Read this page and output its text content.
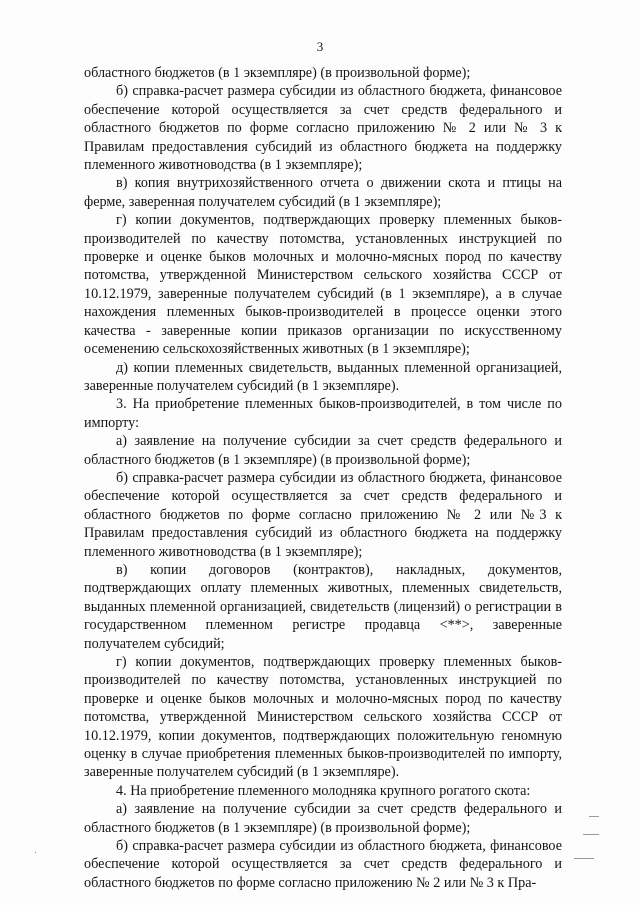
3

областного бюджетов (в 1 экземпляре) (в произвольной форме);

б) справка-расчет размера субсидии из областного бюджета, финансовое обеспечение которой осуществляется за счет средств федерального и областного бюджетов по форме согласно приложению № 2 или № 3 к Правилам предоставления субсидий из областного бюджета на поддержку племенного животноводства (в 1 экземпляре);

в) копия внутрихозяйственного отчета о движении скота и птицы на ферме, заверенная получателем субсидий (в 1 экземпляре);

г) копии документов, подтверждающих проверку племенных быков-производителей по качеству потомства, установленных инструкцией по проверке и оценке быков молочных и молочно-мясных пород по качеству потомства, утвержденной Министерством сельского хозяйства СССР от 10.12.1979, заверенные получателем субсидий (в 1 экземпляре), а в случае нахождения племенных быков-производителей в процессе оценки этого качества - заверенные копии приказов организации по искусственному осеменению сельскохозяйственных животных (в 1 экземпляре);

д) копии племенных свидетельств, выданных племенной организацией, заверенные получателем субсидий (в 1 экземпляре).

3. На приобретение племенных быков-производителей, в том числе по импорту:

а) заявление на получение субсидии за счет средств федерального и областного бюджетов (в 1 экземпляре) (в произвольной форме);

б) справка-расчет размера субсидии из областного бюджета, финансовое обеспечение которой осуществляется за счет средств федерального и областного бюджетов по форме согласно приложению № 2 или №3 к Правилам предоставления субсидий из областного бюджета на поддержку племенного животноводства (в 1 экземпляре);

в) копии договоров (контрактов), накладных, документов, подтверждающих оплату племенных животных, племенных свидетельств, выданных племенной организацией, свидетельств (лицензий) о регистрации в государственном племенном регистре продавца <**>, заверенные получателем субсидий;

г) копии документов, подтверждающих проверку племенных быков-производителей по качеству потомства, установленных инструкцией по проверке и оценке быков молочных и молочно-мясных пород по качеству потомства, утвержденной Министерством сельского хозяйства СССР от 10.12.1979, копии документов, подтверждающих положительную геномную оценку в случае приобретения племенных быков-производителей по импорту, заверенные получателем субсидий (в 1 экземпляре).

4. На приобретение племенного молодняка крупного рогатого скота:

а) заявление на получение субсидии за счет средств федерального и областного бюджетов (в 1 экземпляре) (в произвольной форме);

б) справка-расчет размера субсидии из областного бюджета, финансовое обеспечение которой осуществляется за счет средств федерального и областного бюджетов по форме согласно приложению № 2 или № 3 к Пра-
